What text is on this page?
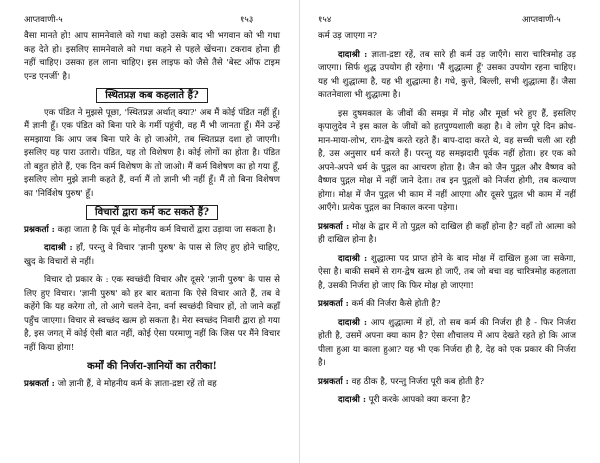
आप्तवाणी-५	१५३

वैसा मानते हो! आप सामनेवाले को गधा कहो उसके बाद भी भगवान को भी गधा कह देते हो। इसलिए सामनेवाले को गधा कहने से पहले खेंचना। टकराव होना ही नहीं चाहिए। उसका हल लाना चाहिए। इस लाइफ को जैसे तैसे 'बेस्ट ऑफ टाइम एन्ड एनर्जी' है।

स्थितप्रज्ञ कब कहलाते हैं?

एक पंडित ने मुझसे पूछा, 'स्थितप्रज्ञ अर्थात् क्या?' अब मैं कोई पंडित नहीं हूँ। मैं ज्ञानी हूँ। एक पंडित को बिना पारे के गर्मी पहुंची, वह मैं भी जानता हूँ। मैंने उन्हें समझाया कि आप जब बिना पारे के हो जाओगे, तब स्थितप्रज्ञ दशा हो जाएगी। इसलिए यह पारा उतारो। पंडित, यह तो विशेषण है। कोई लोगों का होता है। पंडित तो बहुत होते हैं, एक दिन कर्म विशेषण के तो जाओ। मैं कर्म विशेषण का हो गया हूँ, इसलिए लोग मुझे ज्ञानी कहते हैं, वर्ना मैं तो ज्ञानी भी नहीं हूँ। मैं तो बिना विशेषण का 'निर्विशेष पुरुष' हूँ।

विचारों द्वारा कर्म कट सकते हैं?

प्रश्नकर्ता : कहा जाता है कि पूर्व के मोहनीय कर्म विचारों द्वारा उड़ाया जा सकता है।

दादाश्री : हाँ, परन्तु वे विचार 'ज्ञानी पुरुष' के पास से लिए हुए होने चाहिए, खुद के विचारों से नहीं।

विचार दो प्रकार के : एक स्वच्छंदी विचार और दूसरे 'ज्ञानी पुरुष' के पास से लिए हुए विचार। 'ज्ञानी पुरुष' को हर बार बताना कि ऐसे विचार आते हैं, तब वे कहेंगे कि यह करेगा तो, तो आगे चलने देना, वर्ना स्वच्छंदी विचार हों, तो जाने कहाँ पहुँच जाएगा। विचार से स्वच्छंद खत्म हो सकता है। मेरा स्वच्छंद निवारी द्वारा हो गया है, इस जगत् में कोई ऐसी बात नहीं, कोई ऐसा परमाणु नहीं कि जिस पर मैंने विचार नहीं किया होगा!

कर्मों की निर्जरा-ज्ञानियों का तरीका!

प्रश्नकर्ता : जो ज्ञानी हैं, वे मोहनीय कर्म के ज्ञाता-द्रष्टा रहें तो वह

१५४	आप्तवाणी-५

कर्म उड़ जाएगा न?

दादाश्री : ज्ञाता-द्रष्टा रहें, तब सारे ही कर्म उड़ जाएँगे। सारा चारित्रमोह उड़ जाएगा। सिर्फ शुद्ध उपयोग ही रहेगा। 'मैं शुद्धात्मा हूँ' उसका उपयोग रहना चाहिए। यह भी शुद्धात्मा है, यह भी शुद्धात्मा है। गधे, कुत्ते, बिल्ली, सभी शुद्धात्मा हैं। जैसा कातनेवाला भी शुद्धात्मा है।

इस दुषमकाल के जीवों की समझ में मोह और मूर्छा भरे हुए हैं, इसलिए कृपालुदेव ने इस काल के जीवों को हतपुण्यशाली कहा है। वे लोग पूरे दिन क्रोध-मान-माया-लोभ, राग-द्वेष करते रहते हैं। बाप-दादा करते थे, वह सच्ची चली आ रही है, उस अनुसार धर्म करते हैं। परन्तु यह समझदारी पूर्वक नहीं होता। हर एक को अपने-अपने धर्म के पुद्गल का आचरण होता है। जैन को जैन पुद्गल और वैष्णव को वैष्णव पुद्गल मोक्ष में नहीं जाने देता। तब इन पुद्गलों को निर्जरा होगी, तब कल्याण होगा। मोक्ष में जैन पुद्गल भी काम में नहीं आएगा और दूसरे पुद्गल भी काम में नहीं आएँगे। प्रत्येक पुद्गल का निकाल करना पड़ेगा।

प्रश्नकर्ता : मोक्ष के द्वार में तो पुद्गल को दाखिल ही कहाँ होना है? वहाँ तो आत्मा को ही दाखिल होना है।

दादाश्री : शुद्धात्मा पद प्राप्त होने के बाद मोक्ष में दाखिल हुआ जा सकेगा, ऐसा है। बाकी सबमें से राग-द्वेष खत्म हो जाएँ, तब जो बचा वह चारित्रमोह कहलाता है, उसकी निर्जरा हो जाए कि फिर मोक्ष हो जाएगा!

प्रश्नकर्ता : कर्म की निर्जरा कैसे होती है?

दादाश्री : आप शुद्धात्मा में हों, तो सब कर्म की निर्जरा ही है - फिर निर्जरा होती है, उसमें अपना क्या काम है? ऐसा शौचालय में आप देखते रहते हो कि आज पीला हुआ या काला हुआ? यह भी एक निर्जरा ही है, देह को एक प्रकार की निर्जरा है।

प्रश्नकर्ता : वह ठीक है, परन्तु निर्जरा पूरी कब होती है?

दादाश्री : पूरी करके आपको क्या करना है?
